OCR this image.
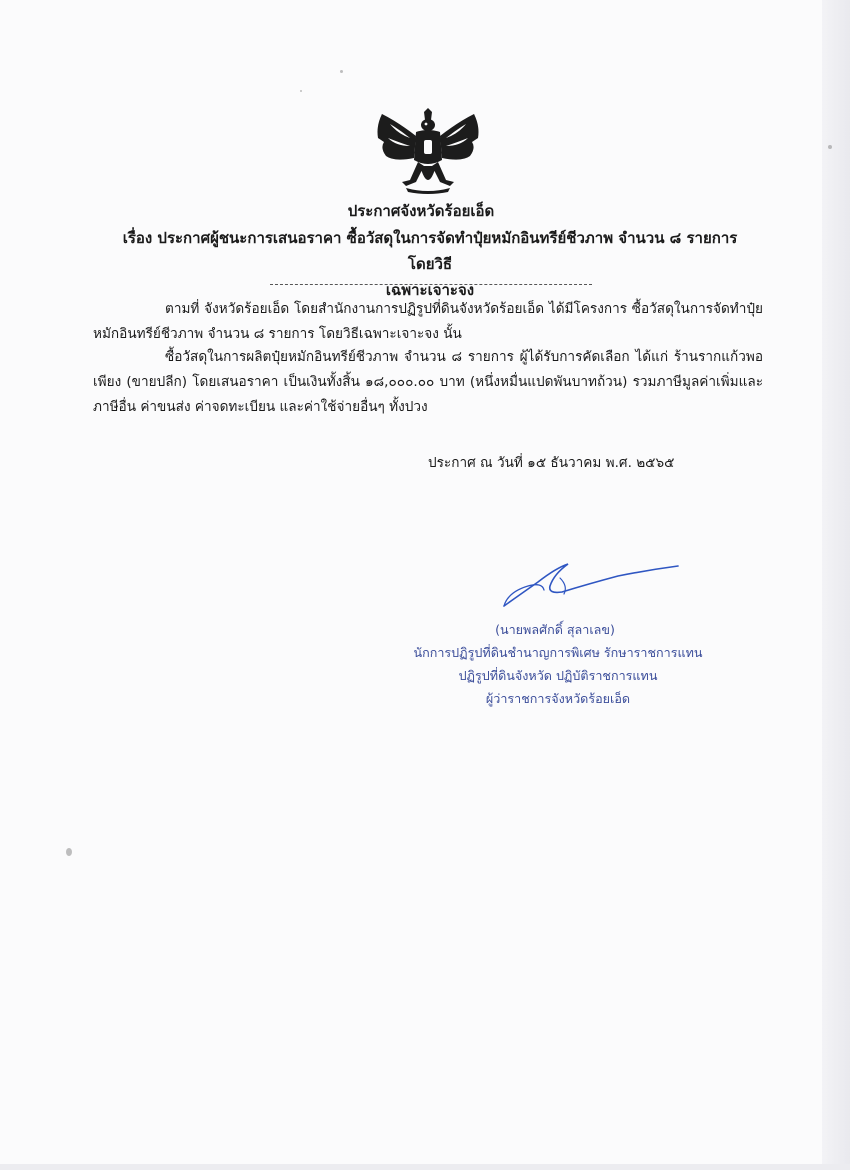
ประกาศจังหวัดร้อยเอ็ด
เรื่อง ประกาศผู้ชนะการเสนอราคา ซื้อวัสดุในการจัดทำปุ๋ยหมักอินทรีย์ชีวภาพ จำนวน ๘ รายการ โดยวิธี
เฉพาะเจาะจง
ตามที่ จังหวัดร้อยเอ็ด โดยสำนักงานการปฏิรูปที่ดินจังหวัดร้อยเอ็ด ได้มีโครงการ ซื้อวัสดุในการจัดทำปุ๋ยหมักอินทรีย์ชีวภาพ จำนวน ๘ รายการ โดยวิธีเฉพาะเจาะจง นั้น
ซื้อวัสดุในการผลิตปุ๋ยหมักอินทรีย์ชีวภาพ จำนวน ๘ รายการ ผู้ได้รับการคัดเลือก ได้แก่ ร้านรากแก้วพอเพียง (ขายปลีก) โดยเสนอราคา เป็นเงินทั้งสิ้น ๑๘,๐๐๐.๐๐ บาท (หนึ่งหมื่นแปดพันบาทถ้วน) รวมภาษีมูลค่าเพิ่มและภาษีอื่น ค่าขนส่ง ค่าจดทะเบียน และค่าใช้จ่ายอื่นๆ ทั้งปวง
ประกาศ ณ วันที่ ๑๕ ธันวาคม พ.ศ. ๒๕๖๕
(นายพลศักดิ์ สุลาเลข)
นักการปฏิรูปที่ดินชำนาญการพิเศษ รักษาราชการแทน
ปฏิรูปที่ดินจังหวัด ปฏิบัติราชการแทน
ผู้ว่าราชการจังหวัดร้อยเอ็ด
